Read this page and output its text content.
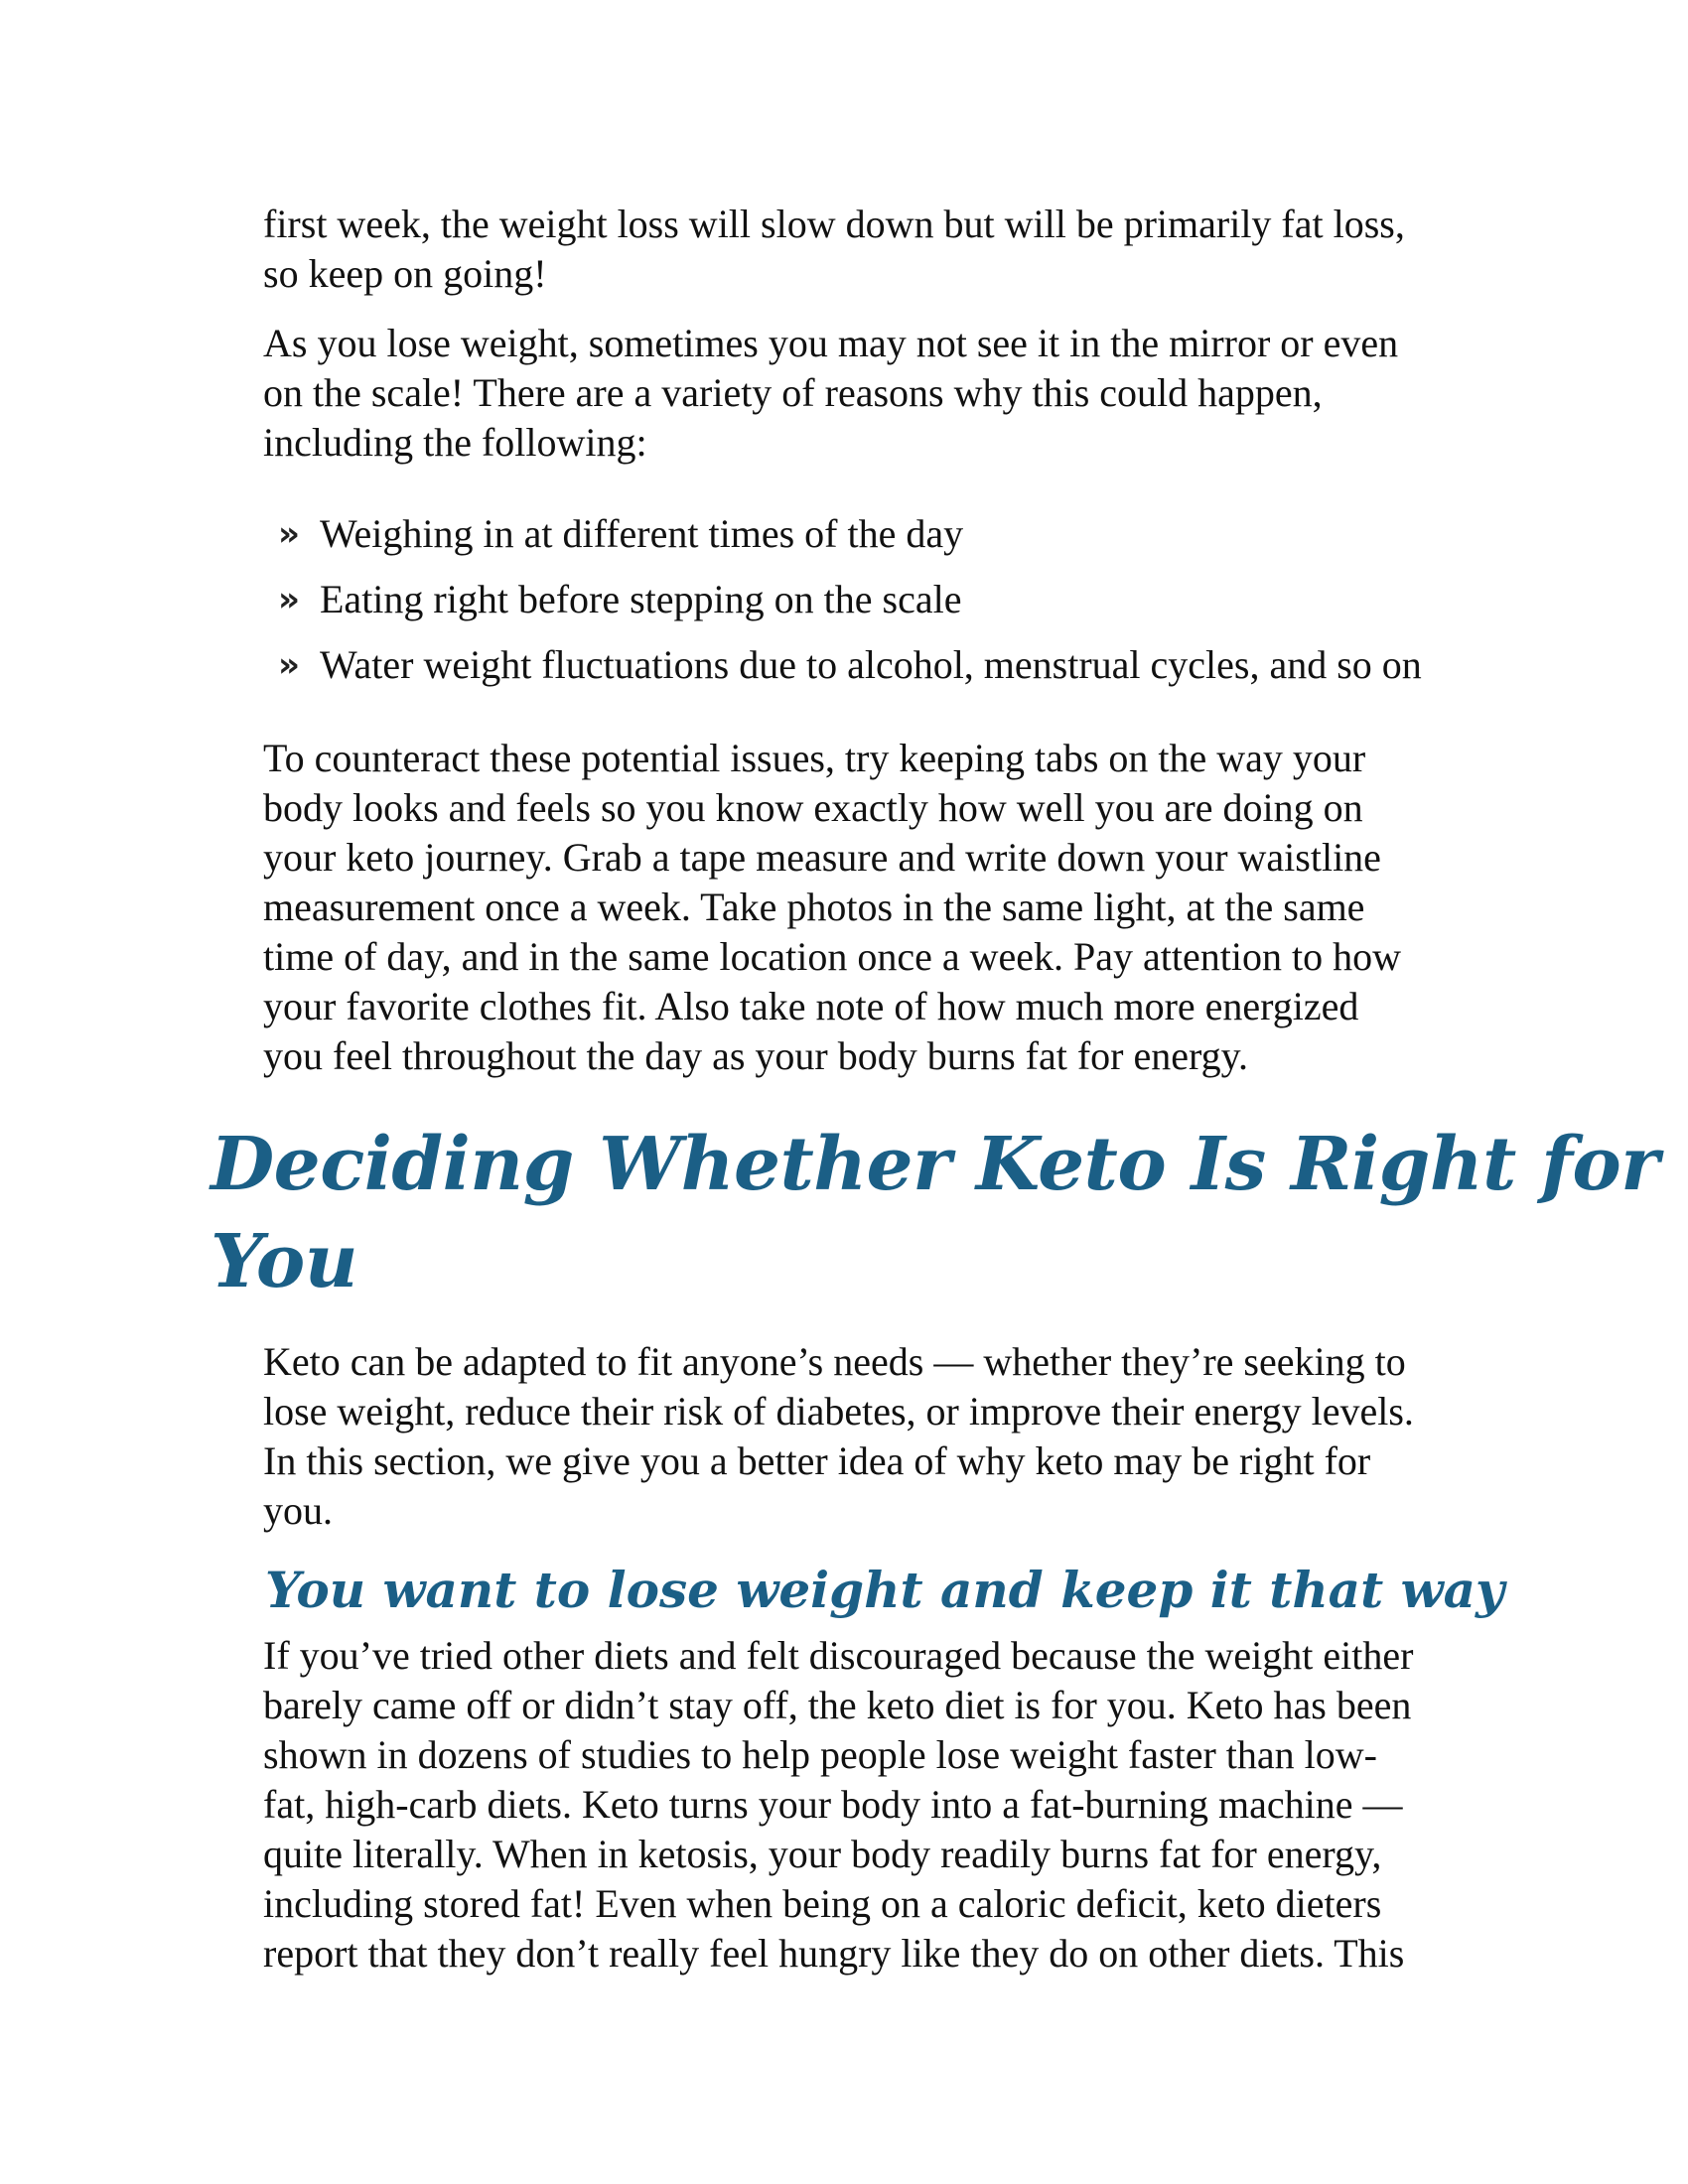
first week, the weight loss will slow down but will be primarily fat loss,
so keep on going!

As you lose weight, sometimes you may not see it in the mirror or even
on the scale! There are a variety of reasons why this could happen,
including the following:

›› Weighing in at different times of the day
›› Eating right before stepping on the scale
›› Water weight fluctuations due to alcohol, menstrual cycles, and so on

To counteract these potential issues, try keeping tabs on the way your
body looks and feels so you know exactly how well you are doing on
your keto journey. Grab a tape measure and write down your waistline
measurement once a week. Take photos in the same light, at the same
time of day, and in the same location once a week. Pay attention to how
your favorite clothes fit. Also take note of how much more energized
you feel throughout the day as your body burns fat for energy.

Deciding Whether Keto Is Right for
You

Keto can be adapted to fit anyone’s needs — whether they’re seeking to
lose weight, reduce their risk of diabetes, or improve their energy levels.
In this section, we give you a better idea of why keto may be right for
you.

You want to lose weight and keep it that way

If you’ve tried other diets and felt discouraged because the weight either
barely came off or didn’t stay off, the keto diet is for you. Keto has been
shown in dozens of studies to help people lose weight faster than low-
fat, high-carb diets. Keto turns your body into a fat-burning machine —
quite literally. When in ketosis, your body readily burns fat for energy,
including stored fat! Even when being on a caloric deficit, keto dieters
report that they don’t really feel hungry like they do on other diets. This
